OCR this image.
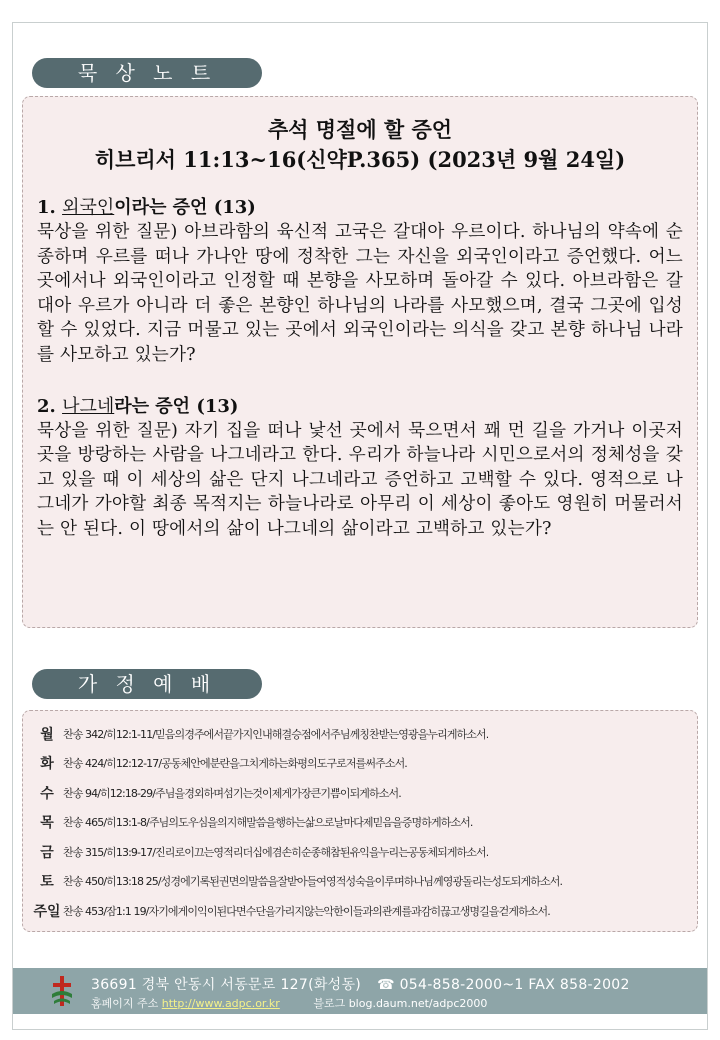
묵 상 노 트
추석 명절에 할 증언
히브리서 11:13~16(신약P.365) (2023년 9월 24일)
1. 외국인이라는 증언 (13)
묵상을 위한 질문) 아브라함의 육신적 고국은 갈대아 우르이다. 하나님의 약속에 순종하며 우르를 떠나 가나안 땅에 정착한 그는 자신을 외국인이라고 증언했다. 어느 곳에서나 외국인이라고 인정할 때 본향을 사모하며 돌아갈 수 있다. 아브라함은 갈대아 우르가 아니라 더 좋은 본향인 하나님의 나라를 사모했으며, 결국 그곳에 입성할 수 있었다. 지금 머물고 있는 곳에서 외국인이라는 의식을 갖고 본향 하나님 나라를 사모하고 있는가?
2. 나그네라는 증언 (13)
묵상을 위한 질문) 자기 집을 떠나 낯선 곳에서 묵으면서 꽤 먼 길을 가거나 이곳저곳을 방랑하는 사람을 나그네라고 한다. 우리가 하늘나라 시민으로서의 정체성을 갖고 있을 때 이 세상의 삶은 단지 나그네라고 증언하고 고백할 수 있다. 영적으로 나그네가 가야할 최종 목적지는 하늘나라로 아무리 이 세상이 좋아도 영원히 머물러서는 안 된다. 이 땅에서의 삶이 나그네의 삶이라고 고백하고 있는가?
가 정 예 배
월 찬송 342/히12:1-11/믿음의경주에서끝가지인내해결승점에서주님께칭찬받는영광을누리게하소서.
화 찬송 424/히12:12-17/공동체안에분란을그치게하는화평의도구로저를써주소서.
수 찬송 94/히12:18-29/주님을경외하며섬기는것이제게가장큰기쁨이되게하소서.
목 찬송 465/히13:1-8/주님의도우심을의지해말씀을행하는삶으로날마다제믿음을증명하게하소서.
금 찬송 315/히13:9-17/진리로이끄는영적리더십에겸손히순종해참된유익을누리는공동체되게하소서.
토 찬송 450/히13:18 25/성경에기록된권면의말씀을잘받아들여영적성숙을이루며하나님께영광돌리는성도되게하소서.
주일 찬송 453/잠1:1 19/자기에게이익이된다면수단을가리지않는악한이들과의관계를과감히끊고생명길을걷게하소서.
36691 경북 안동시 서동문로 127(화성동) ☎ 054-858-2000~1 FAX 858-2002
홈페이지 주소 http://www.adpc.or.kr	블로그 blog.daum.net/adpc2000
